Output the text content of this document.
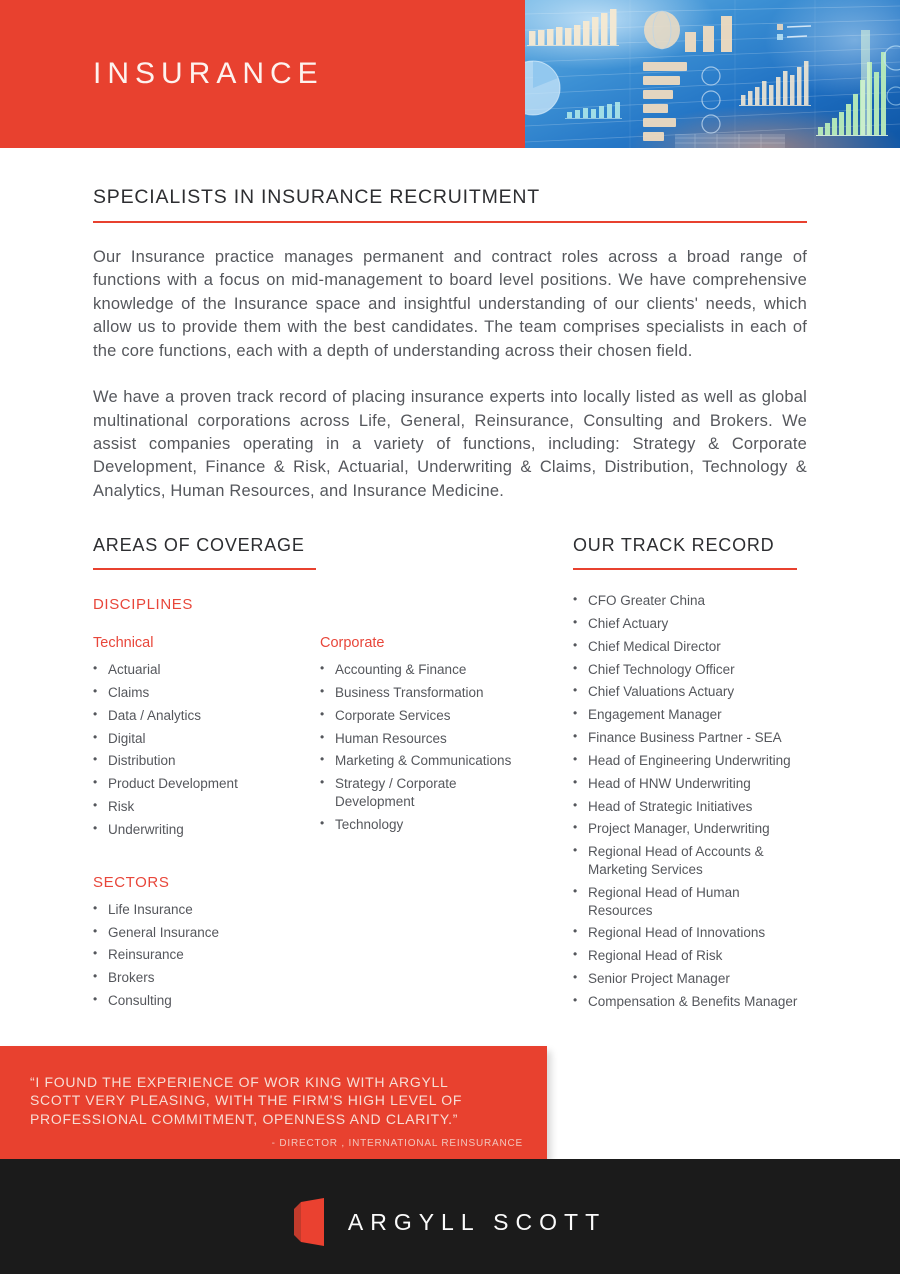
INSURANCE
SPECIALISTS IN INSURANCE RECRUITMENT

Our Insurance practice manages permanent and contract roles across a broad range of functions with a focus on mid-management to board level positions. We have comprehensive knowledge of the Insurance space and insightful understanding of our clients' needs, which allow us to provide them with the best candidates. The team comprises specialists in each of the core functions, each with a depth of understanding across their chosen field.

We have a proven track record of placing insurance experts into locally listed as well as global multinational corporations across Life, General, Reinsurance, Consulting and Brokers. We assist companies operating in a variety of functions, including: Strategy & Corporate Development, Finance & Risk, Actuarial, Underwriting & Claims, Distribution, Technology & Analytics, Human Resources, and Insurance Medicine.

AREAS OF COVERAGE
DISCIPLINES
Technical
• Actuarial
• Claims
• Data / Analytics
• Digital
• Distribution
• Product Development
• Risk
• Underwriting
Corporate
• Accounting & Finance
• Business Transformation
• Corporate Services
• Human Resources
• Marketing & Communications
• Strategy / Corporate Development
• Technology
SECTORS
• Life Insurance
• General Insurance
• Reinsurance
• Brokers
• Consulting
OUR TRACK RECORD
• CFO Greater China
• Chief Actuary
• Chief Medical Director
• Chief Technology Officer
• Chief Valuations Actuary
• Engagement Manager
• Finance Business Partner - SEA
• Head of Engineering Underwriting
• Head of HNW Underwriting
• Head of Strategic Initiatives
• Project Manager, Underwriting
• Regional Head of Accounts & Marketing Services
• Regional Head of Human Resources
• Regional Head of Innovations
• Regional Head of Risk
• Senior Project Manager
• Compensation & Benefits Manager
“I FOUND THE EXPERIENCE OF WOR KING WITH ARGYLL SCOTT VERY PLEASING, WITH THE FIRM'S HIGH LEVEL OF PROFESSIONAL COMMITMENT, OPENNESS AND CLARITY.”
- DIRECTOR , INTERNATIONAL REINSURANCE
ARGYLL SCOTT
